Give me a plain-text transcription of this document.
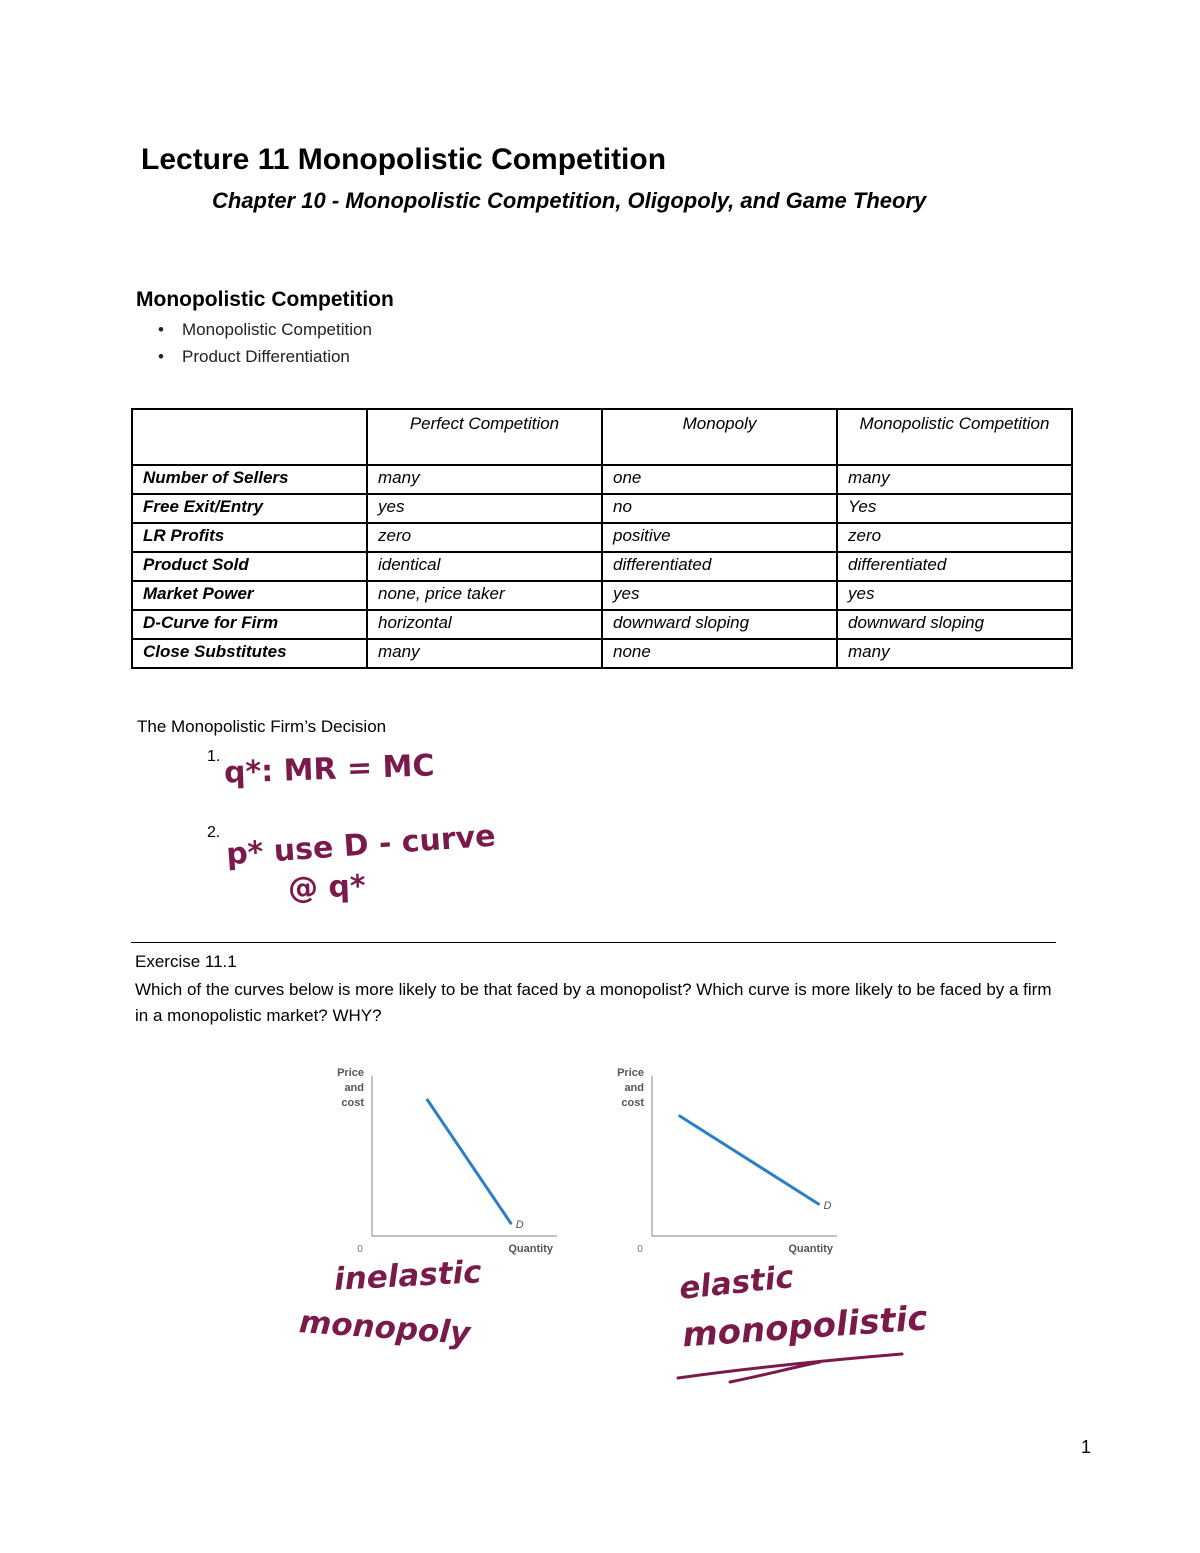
Lecture 11 Monopolistic Competition
Chapter 10 - Monopolistic Competition, Oligopoly, and Game Theory
Monopolistic Competition
• Monopolistic Competition
• Product Differentiation
	Perfect Competition	Monopoly	Monopolistic Competition
Number of Sellers	many	one	many
Free Exit/Entry	yes	no	Yes
LR Profits	zero	positive	zero
Product Sold	identical	differentiated	differentiated
Market Power	none, price taker	yes	yes
D-Curve for Firm	horizontal	downward sloping	downward sloping
Close Substitutes	many	none	many
The Monopolistic Firm’s Decision
1. q*: MR = MC
2. p* use D - curve
@ q*
Exercise 11.1
Which of the curves below is more likely to be that faced by a monopolist? Which curve is more likely to be faced by a firm in a monopolistic market? WHY?
Price
and
cost
Quantity
0
D
Price
and
cost
Quantity
0
D
inelastic
monopoly
elastic
monopolistic
1
